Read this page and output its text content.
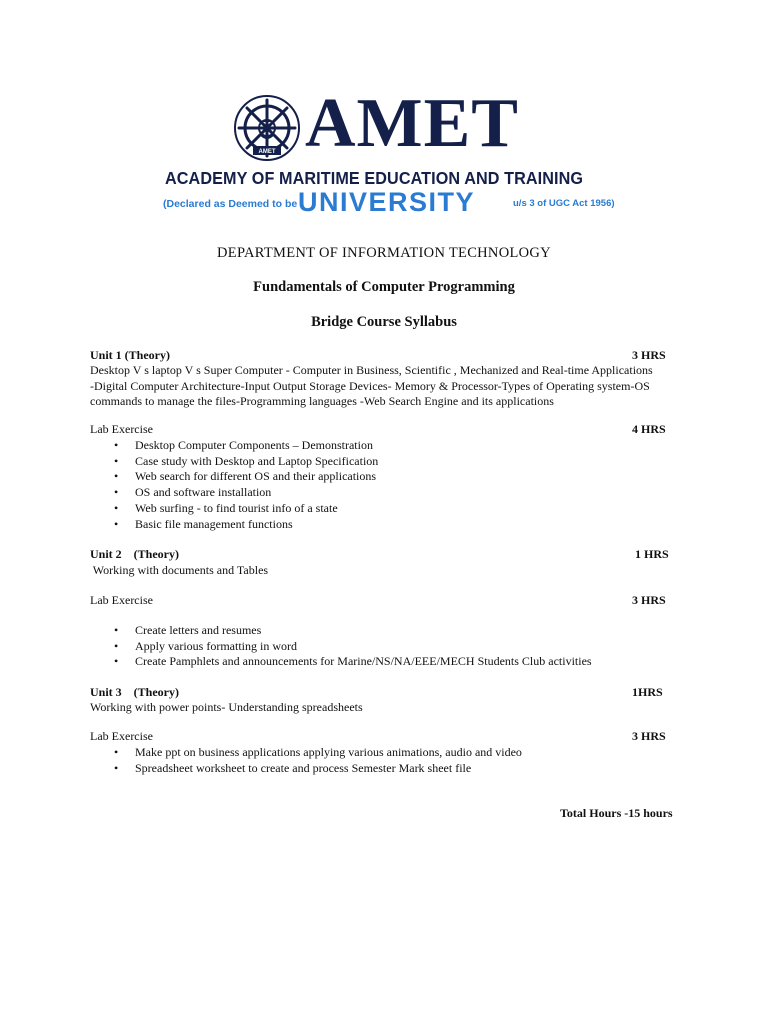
AMET AMET
ACADEMY OF MARITIME EDUCATION AND TRAINING
(Declared as Deemed to be UNIVERSITY	u/s 3 of UGC Act 1956)
DEPARTMENT OF INFORMATION TECHNOLOGY
Fundamentals of Computer Programming
Bridge Course Syllabus
Unit 1 (Theory)	3 HRS
Desktop V s laptop V s Super Computer - Computer in Business, Scientific , Mechanized and Real-time Applications
-Digital Computer Architecture-Input Output Storage Devices- Memory & Processor-Types of Operating system-OS
commands to manage the files-Programming languages -Web Search Engine and its applications
Lab Exercise	4 HRS
• Desktop Computer Components – Demonstration
• Case study with Desktop and Laptop Specification
• Web search for different OS and their applications
• OS and software installation
• Web surfing - to find tourist info of a state
• Basic file management functions
Unit 2    (Theory)	1 HRS
Working with documents and Tables
Lab Exercise	3 HRS
• Create letters and resumes
• Apply various formatting in word
• Create Pamphlets and announcements for Marine/NS/NA/EEE/MECH Students Club activities
Unit 3    (Theory)	1HRS
Working with power points- Understanding spreadsheets
Lab Exercise	3 HRS
• Make ppt on business applications applying various animations, audio and video
• Spreadsheet worksheet to create and process Semester Mark sheet file
Total Hours -15 hours
